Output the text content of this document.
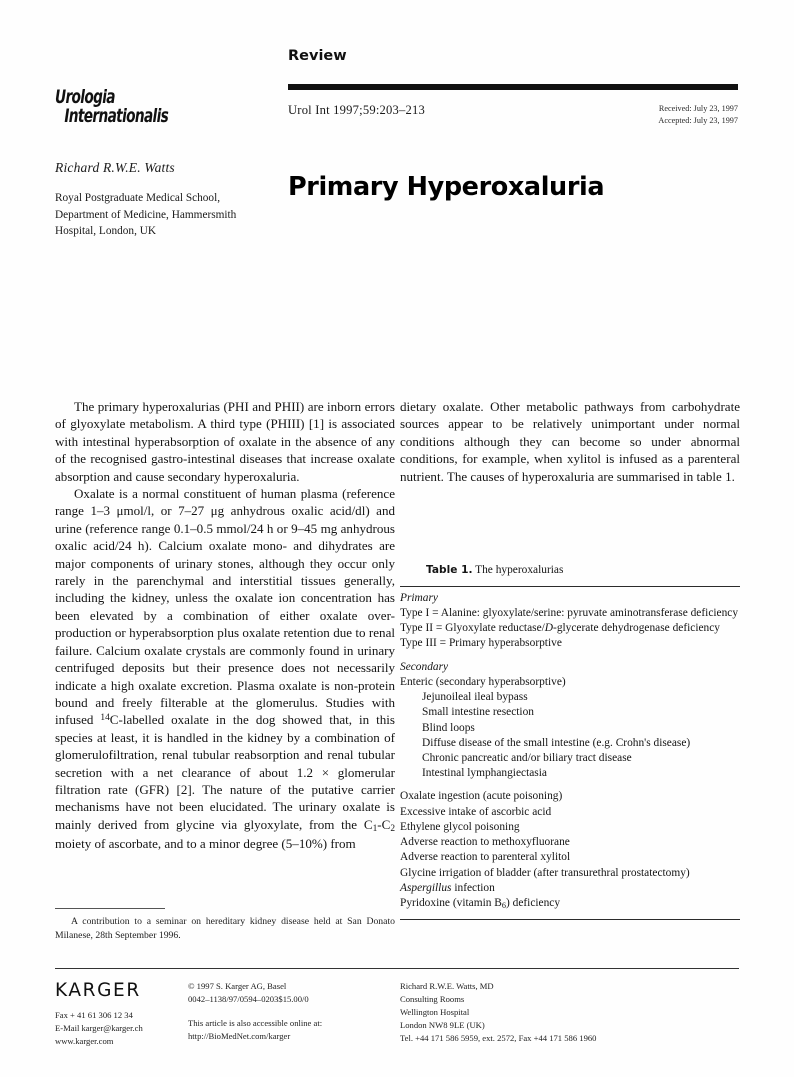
Urologia
Internationalis
Review
Urol Int 1997;59:203–213	Received: July 23, 1997
Accepted: July 23, 1997
Richard R.W.E. Watts
Royal Postgraduate Medical School, Department of Medicine, Hammersmith Hospital, London, UK
Primary Hyperoxaluria

The primary hyperoxalurias (PHI and PHII) are inborn errors of glyoxylate metabolism. A third type (PHIII) [1] is associated with intestinal hyperabsorption of oxalate in the absence of any of the recognised gastro-intestinal diseases that increase oxalate absorption and cause secondary hyperoxaluria.

Oxalate is a normal constituent of human plasma (reference range 1–3 μmol/l, or 7–27 μg anhydrous oxalic acid/dl) and urine (reference range 0.1–0.5 mmol/24 h or 9–45 mg anhydrous oxalic acid/24 h). Calcium oxalate mono- and dihydrates are major components of urinary stones, although they occur only rarely in the parenchymal and interstitial tissues generally, including the kidney, unless the oxalate ion concentration has been elevated by a combination of either oxalate over-production or hyperabsorption plus oxalate retention due to renal failure. Calcium oxalate crystals are commonly found in urinary centrifuged deposits but their presence does not necessarily indicate a high oxalate excretion. Plasma oxalate is non-protein bound and freely filterable at the glomerulus. Studies with infused $^{14}$C-labelled oxalate in the dog showed that, in this species at least, it is handled in the kidney by a combination of glomerulofiltration, renal tubular reabsorption and renal tubular secretion with a net clearance of about 1.2 × glomerular filtration rate (GFR) [2]. The nature of the putative carrier mechanisms have not been elucidated. The urinary oxalate is mainly derived from glycine via glyoxylate, from the $C_1-C_2$ moiety of ascorbate, and to a minor degree (5–10%) from

dietary oxalate. Other metabolic pathways from carbohydrate sources appear to be relatively unimportant under normal conditions although they can become so under abnormal conditions, for example, when xylitol is infused as a parenteral nutrient. The causes of hyperoxaluria are summarised in table 1.

Table 1. The hyperoxalurias
Primary
Type I = Alanine: glyoxylate/serine: pyruvate aminotransferase deficiency
Type II = Glyoxylate reductase/D-glycerate dehydrogenase deficiency
Type III = Primary hyperabsorptive
Secondary
Enteric (secondary hyperabsorptive)
Jejunoileal ileal bypass
Small intestine resection
Blind loops
Diffuse disease of the small intestine (e.g. Crohn's disease)
Chronic pancreatic and/or biliary tract disease
Intestinal lymphangiectasia
Oxalate ingestion (acute poisoning)
Excessive intake of ascorbic acid
Ethylene glycol poisoning
Adverse reaction to methoxyfluorane
Adverse reaction to parenteral xylitol
Glycine irrigation of bladder (after transurethral prostatectomy)
Aspergillus infection
Pyridoxine (vitamin $B_6$) deficiency
A contribution to a seminar on hereditary kidney disease held at San Donato Milanese, 28th September 1996.
KARGER
Fax + 41 61 306 12 34
E-Mail karger@karger.ch
www.karger.com
© 1997 S. Karger AG, Basel
0042–1138/97/0594–0203$15.00/0
This article is also accessible online at:
http://BioMedNet.com/karger
Richard R.W.E. Watts, MD
Consulting Rooms
Wellington Hospital
London NW8 9LE (UK)
Tel. +44 171 586 5959, ext. 2572, Fax +44 171 586 1960
